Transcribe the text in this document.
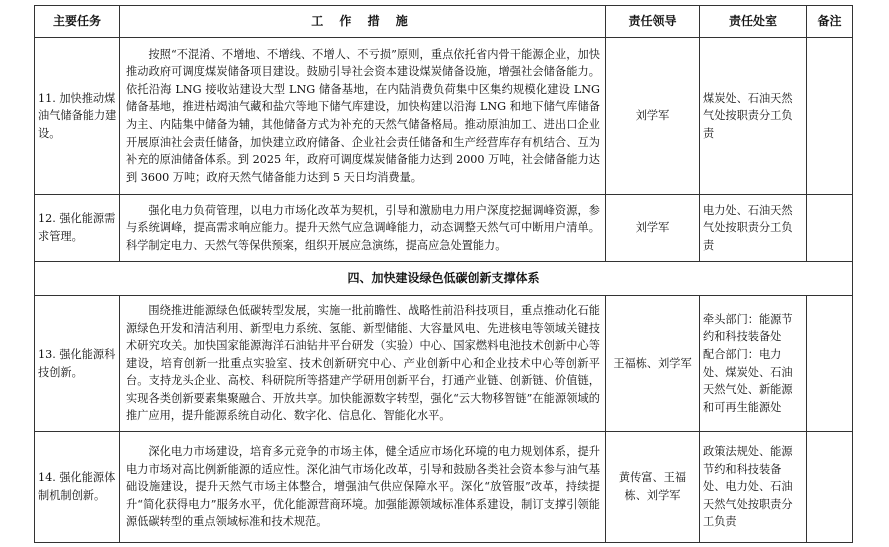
主要任务	工 作 措 施	责任领导	责任处室	备注
11. 加快推动煤油气储备能力建设。	按照“不混淆、不增地、不增线、不增人、不亏损”原则，重点依托省内骨干能源企业，加快推动政府可调度煤炭储备项目建设。鼓励引导社会资本建设煤炭储备设施，增强社会储备能力。依托沿海 LNG 接收站建设大型 LNG 储备基地，在内陆消费负荷集中区集约规模化建设 LNG 储备基地，推进枯竭油气藏和盐穴等地下储气库建设，加快构建以沿海 LNG 和地下储气库储备为主、内陆集中储备为辅，其他储备方式为补充的天然气储备格局。推动原油加工、进出口企业开展原油社会责任储备，加快建立政府储备、企业社会责任储备和生产经营库存有机结合、互为补充的原油储备体系。到 2025 年，政府可调度煤炭储备能力达到 2000 万吨，社会储备能力达到 3600 万吨；政府天然气储备能力达到 5 天日均消费量。	刘学军	煤炭处、石油天然气处按职责分工负责	
12. 强化能源需求管理。	强化电力负荷管理，以电力市场化改革为契机，引导和激励电力用户深度挖掘调峰资源，参与系统调峰，提高需求响应能力。提升天然气应急调峰能力，动态调整天然气可中断用户清单。科学制定电力、天然气等保供预案，组织开展应急演练，提高应急处置能力。	刘学军	电力处、石油天然气处按职责分工负责	
四、加快建设绿色低碳创新支撑体系				
13. 强化能源科技创新。	围绕推进能源绿色低碳转型发展，实施一批前瞻性、战略性前沿科技项目，重点推动化石能源绿色开发和清洁利用、新型电力系统、氢能、新型储能、大容量风电、先进核电等领域关键技术研究攻关。加快国家能源海洋石油钻井平台研发（实验）中心、国家燃料电池技术创新中心等建设，培育创新一批重点实验室、技术创新研究中心、产业创新中心和企业技术中心等创新平台。支持龙头企业、高校、科研院所等搭建产学研用创新平台，打通产业链、创新链、价值链，实现各类创新要素集聚融合、开放共享。加快能源数字转型，强化“云大物移智链”在能源领域的推广应用，提升能源系统自动化、数字化、信息化、智能化水平。	王福栋、刘学军	牵头部门：能源节约和科技装备处
配合部门：电力处、煤炭处、石油天然气处、新能源和可再生能源处	
14. 强化能源体制机制创新。	深化电力市场建设，培育多元竞争的市场主体，健全适应市场化环境的电力规划体系，提升电力市场对高比例新能源的适应性。深化油气市场化改革，引导和鼓励各类社会资本参与油气基础设施建设，提升天然气市场主体整合，增强油气供应保障水平。深化“放管服”改革，持续提升“简化获得电力”服务水平，优化能源营商环境。加强能源领域标准体系建设，制订支撑引领能源低碳转型的重点领域标准和技术规范。	黄传富、王福栋、刘学军	政策法规处、能源节约和科技装备处、电力处、石油天然气处按职责分工负责	
